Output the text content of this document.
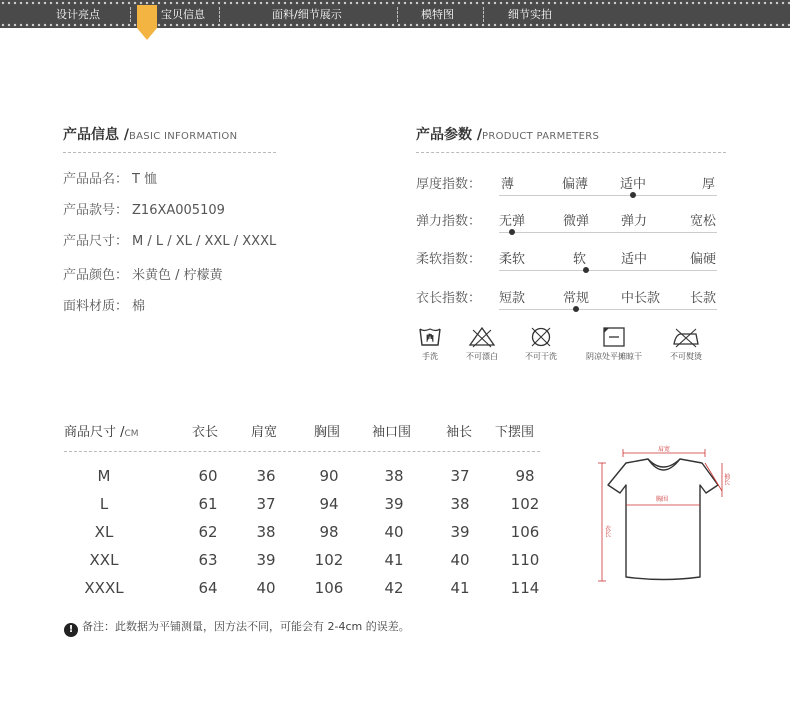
设计亮点	宝贝信息	面料/细节展示	模特图	细节实拍
产品信息 /BASIC INFORMATION
产品品名： T 恤
产品款号： Z16XA005109
产品尺寸： M / L / XL / XXL / XXXL
产品颜色： 米黄色 / 柠檬黄
面料材质： 棉
产品参数 /PRODUCT PARMETERS
厚度指数： 薄	偏薄 适中	厚
弹力指数： 无弹	微弹 弹力	宽松
柔软指数： 柔软	软	适中	偏硬
衣长指数： 短款	常规 中长款 长款
手洗	不可漂白	不可干洗	阴凉处平摊晾干	不可熨烫
商品尺寸 /CM	衣长	肩宽	胸围 袖口围	袖长 下摆围
M	60	36	90	38	37	98
L	61	37	94	39	38	102
XL	62	38	98	40	39	106
XXL	63	39	102	41	40	110
XXXL	64	40	106	42	41	114
肩宽
胸围
衣长
袖长
! 备注：此数据为平铺测量，因方法不同，可能会有 2-4cm 的误差。
